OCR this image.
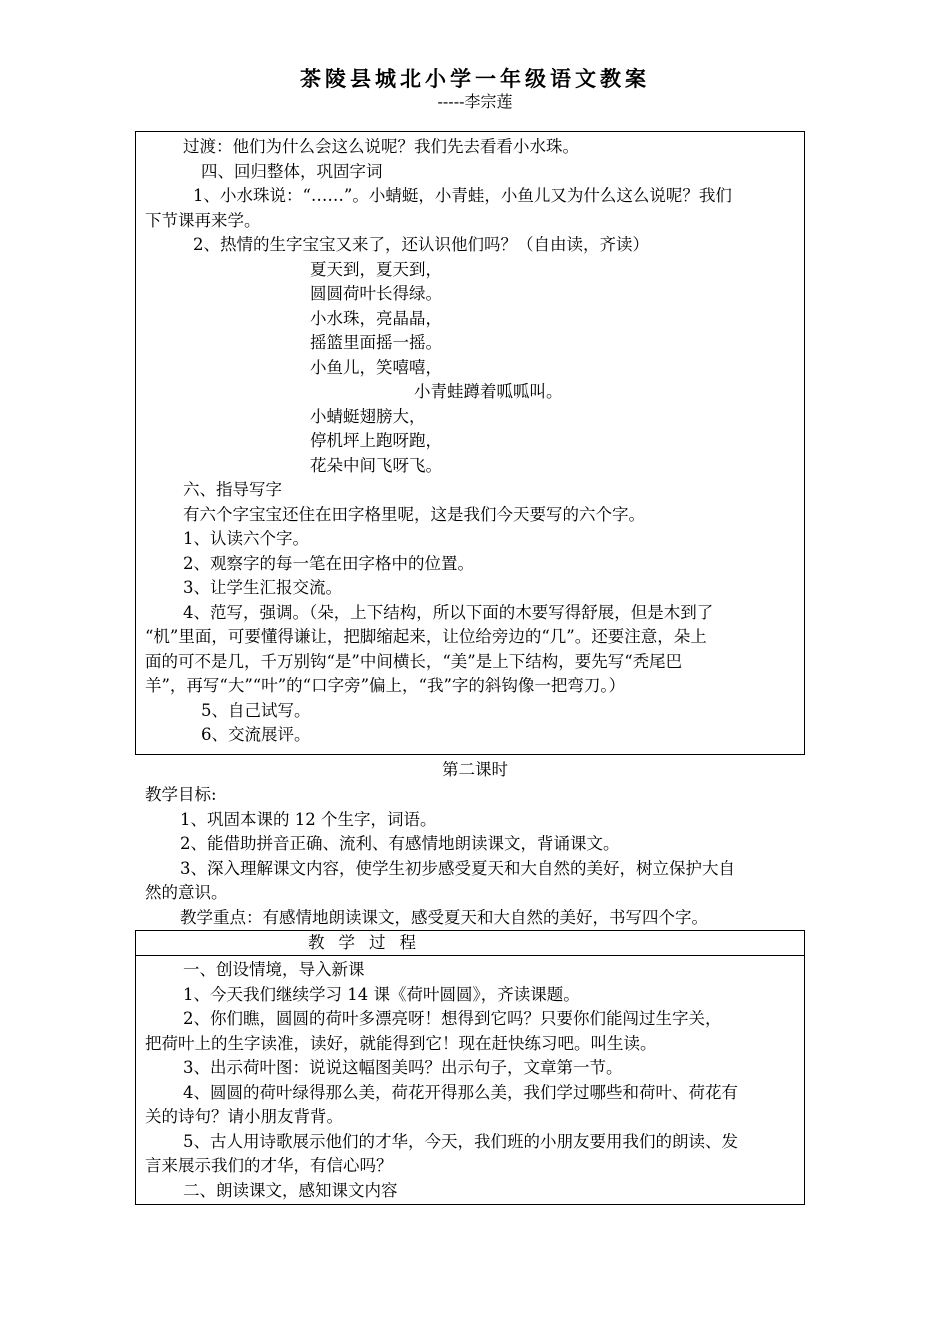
茶陵县城北小学一年级语文教案
-----李宗莲
过渡：他们为什么会这么说呢？我们先去看看小水珠。
四、回归整体，巩固字词
1、小水珠说：“……”。小蜻蜓，小青蛙，小鱼儿又为什么这么说呢？我们
下节课再来学。
2、热情的生字宝宝又来了，还认识他们吗？（自由读，齐读）
夏天到，夏天到，
圆圆荷叶长得绿。
小水珠，亮晶晶，
摇篮里面摇一摇。
小鱼儿，笑嘻嘻，
小青蛙蹲着呱呱叫。
小蜻蜓翅膀大，
停机坪上跑呀跑，
花朵中间飞呀飞。
六、指导写字
有六个字宝宝还住在田字格里呢，这是我们今天要写的六个字。
1、认读六个字。
2、观察字的每一笔在田字格中的位置。
3、让学生汇报交流。
4、范写，强调。（朵，上下结构，所以下面的木要写得舒展，但是木到了
“机”里面，可要懂得谦让，把脚缩起来，让位给旁边的“几”。还要注意，朵上
面的可不是几，千万别钩“是”中间横长，“美”是上下结构，要先写“秃尾巴
羊”，再写“大”“叶”的“口字旁”偏上，“我”字的斜钩像一把弯刀。）
5、自己试写。
6、交流展评。
第二课时
教学目标:
1、巩固本课的 12 个生字，词语。
2、能借助拼音正确、流利、有感情地朗读课文，背诵课文。
3、深入理解课文内容，使学生初步感受夏天和大自然的美好，树立保护大自
然的意识。
教学重点：有感情地朗读课文，感受夏天和大自然的美好，书写四个字。
教学过程
一、创设情境，导入新课
1、今天我们继续学习 14 课《荷叶圆圆》，齐读课题。
2、你们瞧，圆圆的荷叶多漂亮呀！想得到它吗？只要你们能闯过生字关，
把荷叶上的生字读准，读好，就能得到它！现在赶快练习吧。叫生读。
3、出示荷叶图：说说这幅图美吗？出示句子，文章第一节。
4、圆圆的荷叶绿得那么美，荷花开得那么美，我们学过哪些和荷叶、荷花有
关的诗句？请小朋友背背。
5、古人用诗歌展示他们的才华，今天，我们班的小朋友要用我们的朗读、发
言来展示我们的才华，有信心吗？
二、朗读课文，感知课文内容
